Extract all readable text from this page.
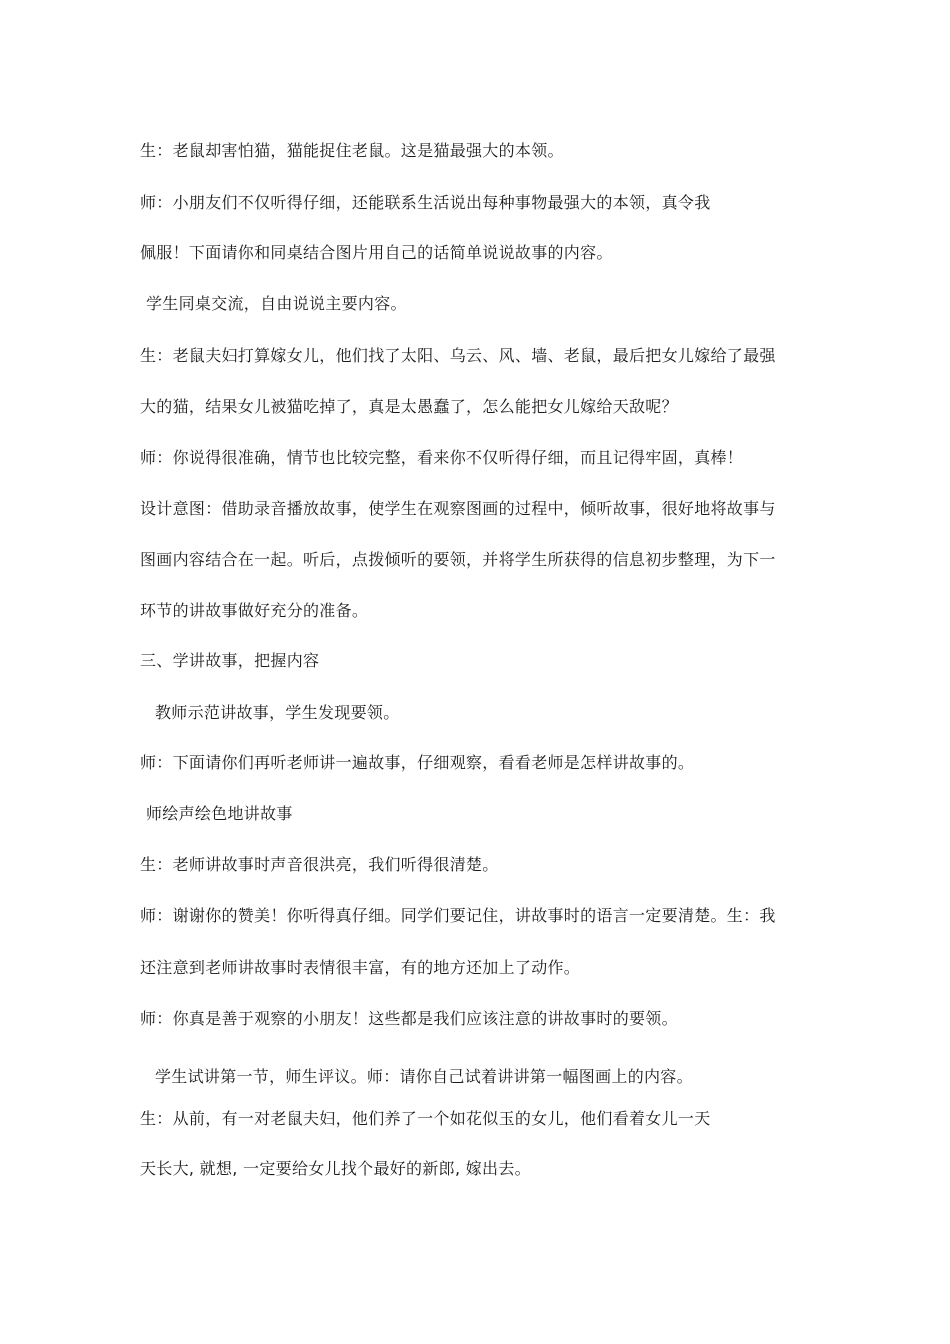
生：老鼠却害怕猫，猫能捉住老鼠。这是猫最强大的本领。
师：小朋友们不仅听得仔细，还能联系生活说出每种事物最强大的本领，真令我
佩服！下面请你和同桌结合图片用自己的话简单说说故事的内容。
学生同桌交流，自由说说主要内容。
生：老鼠夫妇打算嫁女儿，他们找了太阳、乌云、风、墙、老鼠，最后把女儿嫁给了最强
大的猫，结果女儿被猫吃掉了，真是太愚蠢了，怎么能把女儿嫁给天敌呢？
师：你说得很准确，情节也比较完整，看来你不仅听得仔细，而且记得牢固，真棒！
设计意图：借助录音播放故事，使学生在观察图画的过程中，倾听故事，很好地将故事与
图画内容结合在一起。听后，点拨倾听的要领，并将学生所获得的信息初步整理，为下一
环节的讲故事做好充分的准备。
三、学讲故事，把握内容
教师示范讲故事，学生发现要领。
师：下面请你们再听老师讲一遍故事，仔细观察，看看老师是怎样讲故事的。
师绘声绘色地讲故事
生：老师讲故事时声音很洪亮，我们听得很清楚。
师：谢谢你的赞美！你听得真仔细。同学们要记住，讲故事时的语言一定要清楚。生：我
还注意到老师讲故事时表情很丰富，有的地方还加上了动作。
师：你真是善于观察的小朋友！这些都是我们应该注意的讲故事时的要领。
学生试讲第一节，师生评议。师：请你自己试着讲讲第一幅图画上的内容。
生：从前，有一对老鼠夫妇，他们养了一个如花似玉的女儿，他们看着女儿一天
天长大, 就想, 一定要给女儿找个最好的新郎, 嫁出去。
